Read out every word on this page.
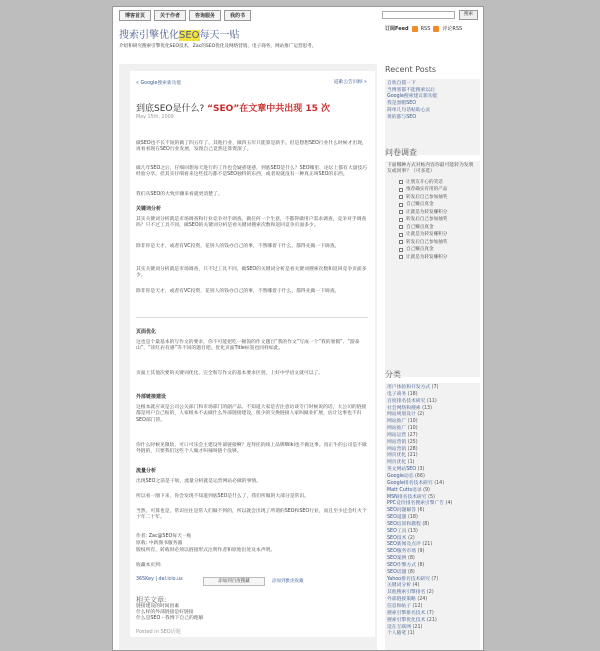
博客首页	关于作者	咨询服务	我的书	搜索
搜索引擎优化SEO每天一贴
介绍和研究搜索引擎优化SEO技术，Zac的SEO优化及网络营销，电子商务，网站推广运营思考。
订阅Feed RSS 评论RSS
« Google搜索新功能	道歉公告回顾 »
到底SEO是什么? “SEO”在文章中共出现 15 次
May 15th, 2009
做SEO也不长不短的做了四五年了。其他行业，做四五年只能算是新手。但是想想SEO行业什么时候才出现，再看看现在SEO行业发展，发现自己竟然还算资深了。
做几年SEO之后，仔细回想每天进行的工作也会疑惑迷惑，到底SEO是什么？SEO哪里、论坛上都有大量技巧经验分享。但其实仔细看来这些技巧都不是SEO独特的东西，或者说就没有一种真正叫SEO的东西。
我们从SEO的大致步骤来看就更清楚了。
关键词分析
其实关键词分析就是市场调查和行业竞争对手调查。做任何一个生意，不都得做用户需求调查，竞争对手调查吗？只不过工具不同，做SEO的关键词分析是看关键词搜索次数和返回竞争页面多少。
除非你是天才，或者有VC投资，花别人的钱办自己的事，不然哪着干什么，都得先做一下调查。
其实关键词分析就是市场调查，只不过工具不同，做SEO的关键词分析是看关键词搜索次数和返回竞争页面多少。
除非你是天才，或者有VC投资，花别人的钱办自己的事，不然哪着干什么，都得先做一下调查。
页面优化
这也是个最基本的写作文的要求，你不可能把吃一顿饭的作文题目“我的作文”写成一个“我的暑假”、“游泰山”、“读红岩有感”等不同的题目吧。优化页面Title标签也同样如此。
页面上其他次要的关键词优化，完全和写作文的基本要求区别，上好中学语文就可以了。
外部链接建设
这根本就应该是公司公关部门和市场部门的副产品。不知道大家是否注意访谈专门时候说的话，大公司的链接都是用户自己贴的，人家根本不去做什么外部链接建设，很少的交换链接人家叫做业扩展，估计这事也不归SEO部门管。
你什么时候见微软、可口可乐会主建设外部链接啊？连拜托的线上品牌Wiki也不做这事。真正牛的公司是不做外链的，只要我们这些个人做才叫辣叫链个没够。
流量分析
出现SEO之前是干啥，流量分析就是运营网站必做的事情。
所以看一圈下来，你会发现不知道到底SEO是什么了，我们所做的大部分是常识。
当然，可算也是，常识往往是常人们做不到的，所以就会出现了所谓的SEO和SEO行业，而且至少还会红火个十年二十年。
作者: Zac@SEO每天一贴
原载: 中新图书服务器
版权所有，转载时必须以链接形式注明作者和原始出处及本声明。
收藏本页到:
365Key | del.icio.us	添加到百度搜藏	添加到雅虎收藏
相关文章:
链接建设的时间因素
什么样的外部链接是好链接
什么是SEO - 我博下自己的理解
Posted in SEO话题
Recent Posts
自吹自擂一下
当博客都不能搜索以后
Google搜索建议新功能
我是黑帽SEO
简单几句话帖助心灵
黄的都与SEO
问卷调查
下面哪种方式对帖内容你最可能转为发朋友或同事？（可多选）
让朋友开心的笑话
推荐确实有用的产品
转发后自己参加抽奖
自己赚点真金
让就是为转发赚积分
转发后自己参加抽奖
自己赚点真金
让就是为转发赚积分
转发后自己参加抽奖
自己赚点真金
让就是为转发赚积分
分类
用户体验和开发方式 (7)
电子商务 (18)
百度排名技术研究 (11)
社会网络和搜索 (13)
网站规划设计 (2)
网站推广 (10)
网站推广 (10)
网站运营 (27)
网站营销 (25)
网站营销 (28)
网页优化 (21)
网页优化 (1)
英文网站SEO (3)
Google动态 (66)
Google排名技术研究 (14)
Matt Cutts语录 (9)
MSN排名技术研究 (5)
PPC竞价排名搜索引擎广告 (4)
SEO问题解答 (6)
SEO道题 (18)
SEO培训和教程 (8)
SEO工具 (13)
SEO技术 (2)
SEO新闻及点评 (21)
SEO服务市场 (9)
SEO案例 (8)
SEO作弊方式 (8)
SEO话题 (8)
Yahoo排名技术研究 (7)
关键词分析 (4)
其他搜索引擎排名 (2)
外部链接策略 (24)
信息和帖子 (12)
搜索引擎排名技术 (7)
搜索引擎优化技术 (21)
适在互联网 (21)
个人随笔 (1)
